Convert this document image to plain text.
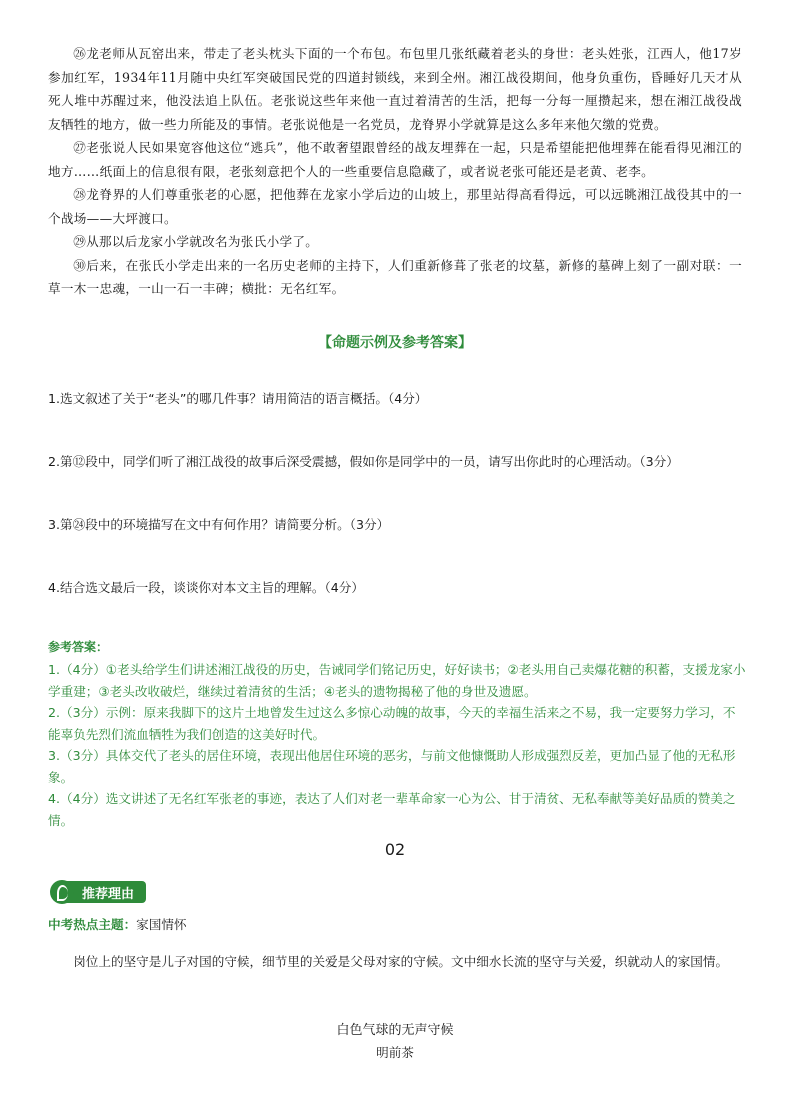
㉖龙老师从瓦窑出来，带走了老头枕头下面的一个布包。布包里几张纸藏着老头的身世：老头姓张，江西人，他17岁参加红军，1934年11月随中央红军突破国民党的四道封锁线，来到全州。湘江战役期间，他身负重伤，昏睡好几天才从死人堆中苏醒过来，他没法追上队伍。老张说这些年来他一直过着清苦的生活，把每一分每一厘攒起来，想在湘江战役战友牺牲的地方，做一些力所能及的事情。老张说他是一名党员，龙脊界小学就算是这么多年来他欠缴的党费。

㉗老张说人民如果宽容他这位“逃兵”，他不敢奢望跟曾经的战友埋葬在一起，只是希望能把他埋葬在能看得见湘江的地方……纸面上的信息很有限，老张刻意把个人的一些重要信息隐藏了，或者说老张可能还是老黄、老李。

㉘龙脊界的人们尊重张老的心愿，把他葬在龙家小学后边的山坡上，那里站得高看得远，可以远眺湘江战役其中的一个战场——大坪渡口。

㉙从那以后龙家小学就改名为张氏小学了。

㉚后来，在张氏小学走出来的一名历史老师的主持下，人们重新修葺了张老的坟墓，新修的墓碑上刻了一副对联：一草一木一忠魂，一山一石一丰碑；横批：无名红军。

【命题示例及参考答案】
1.选文叙述了关于“老头”的哪几件事？请用简洁的语言概括。（4分）
2.第⑫段中，同学们听了湘江战役的故事后深受震撼，假如你是同学中的一员，请写出你此时的心理活动。（3分）
3.第㉔段中的环境描写在文中有何作用？请简要分析。（3分）
4.结合选文最后一段，谈谈你对本文主旨的理解。（4分）
参考答案：

1.（4分）①老头给学生们讲述湘江战役的历史，告诫同学们铭记历史，好好读书；②老头用自己卖爆花糖的积蓄，支援龙家小学重建；③老头改收破烂，继续过着清贫的生活；④老头的遗物揭秘了他的身世及遗愿。

2.（3分）示例：原来我脚下的这片土地曾发生过这么多惊心动魄的故事，今天的幸福生活来之不易，我一定要努力学习，不能辜负先烈们流血牺牲为我们创造的这美好时代。

3.（3分）具体交代了老头的居住环境，表现出他居住环境的恶劣，与前文他慷慨助人形成强烈反差，更加凸显了他的无私形象。

4.（4分）选文讲述了无名红军张老的事迹，表达了人们对老一辈革命家一心为公、甘于清贫、无私奉献等美好品质的赞美之情。

02
推荐理由
中考热点主题：家国情怀

岗位上的坚守是儿子对国的守候，细节里的关爱是父母对家的守候。文中细水长流的坚守与关爱，织就动人的家国情。

白色气球的无声守候
明前茶
